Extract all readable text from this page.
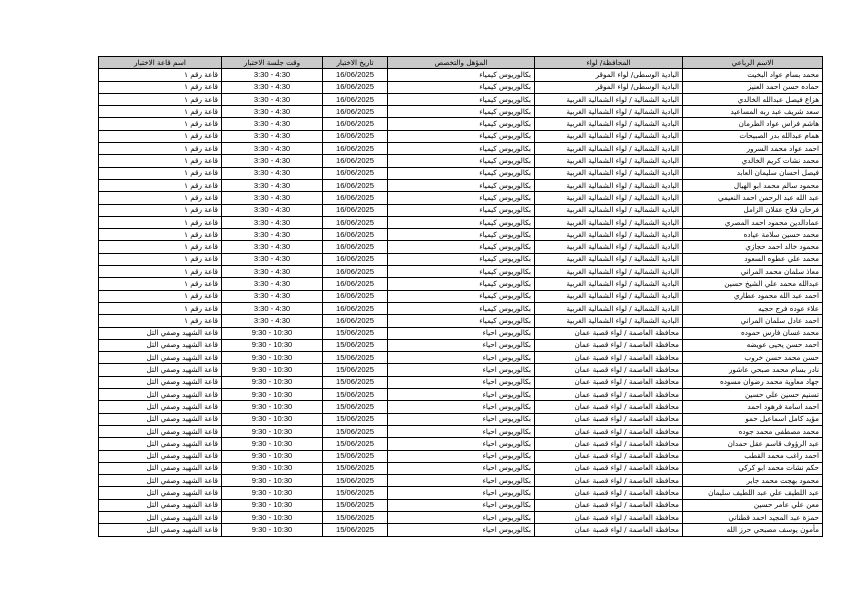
الاسم الرباعي	المحافظة/ لواء	المؤهل والتخصص	تاريخ الاختبار	وقت جلسة الاختبار	اسم قاعة الاختبار
محمد بسام عواد البخيت	البادية الوسطى/ لواء الموقر	بكالوريوس كيمياء	16/06/2025	3:30 - 4:30	قاعة رقم ١
حماده حسن احمد العنيز	البادية الوسطى/ لواء الموقر	بكالوريوس كيمياء	16/06/2025	3:30 - 4:30	قاعة رقم ١
هزاع فيصل عبدالله الخالدي	البادية الشمالية / لواء الشمالية الغربية	بكالوريوس كيمياء	16/06/2025	3:30 - 4:30	قاعة رقم ١
سعد شريف عبد ربه المساعيد	البادية الشمالية / لواء الشمالية الغربية	بكالوريوس كيمياء	16/06/2025	3:30 - 4:30	قاعة رقم ١
هاشم فراس عواد الطرمان	البادية الشمالية / لواء الشمالية الغربية	بكالوريوس كيمياء	16/06/2025	3:30 - 4:30	قاعة رقم ١
همام عبدالله بدر الصبيحات	البادية الشمالية / لواء الشمالية الغربية	بكالوريوس كيمياء	16/06/2025	3:30 - 4:30	قاعة رقم ١
احمد عواد محمد السرور	البادية الشمالية / لواء الشمالية الغربية	بكالوريوس كيمياء	16/06/2025	3:30 - 4:30	قاعة رقم ١
محمد نشات كريم الخالدي	البادية الشمالية / لواء الشمالية الغربية	بكالوريوس كيمياء	16/06/2025	3:30 - 4:30	قاعة رقم ١
فيصل احسان سليمان العابد	البادية الشمالية / لواء الشمالية الغربية	بكالوريوس كيمياء	16/06/2025	3:30 - 4:30	قاعة رقم ١
محمود سالم محمد ابو الهيال	البادية الشمالية / لواء الشمالية الغربية	بكالوريوس كيمياء	16/06/2025	3:30 - 4:30	قاعة رقم ١
عبد الله عبد الرحمن احمد النعيمي	البادية الشمالية / لواء الشمالية الغربية	بكالوريوس كيمياء	16/06/2025	3:30 - 4:30	قاعة رقم ١
فرحان فلاح عقلان الزامل	البادية الشمالية / لواء الشمالية الغربية	بكالوريوس كيمياء	16/06/2025	3:30 - 4:30	قاعة رقم ١
عمادالدين محمود احمد المصري	البادية الشمالية / لواء الشمالية الغربية	بكالوريوس كيمياء	16/06/2025	3:30 - 4:30	قاعة رقم ١
محمد حسين سلامة عياده	البادية الشمالية / لواء الشمالية الغربية	بكالوريوس كيمياء	16/06/2025	3:30 - 4:30	قاعة رقم ١
محمود خالد احمد حجازي	البادية الشمالية / لواء الشمالية الغربية	بكالوريوس كيمياء	16/06/2025	3:30 - 4:30	قاعة رقم ١
محمد علي عطوه السعود	البادية الشمالية / لواء الشمالية الغربية	بكالوريوس كيمياء	16/06/2025	3:30 - 4:30	قاعة رقم ١
معاذ سلمان محمد المراني	البادية الشمالية / لواء الشمالية الغربية	بكالوريوس كيمياء	16/06/2025	3:30 - 4:30	قاعة رقم ١
عبدالله محمد علي الشيخ حسين	البادية الشمالية / لواء الشمالية الغربية	بكالوريوس كيمياء	16/06/2025	3:30 - 4:30	قاعة رقم ١
احمد عبد الله محمود عطاري	البادية الشمالية / لواء الشمالية الغربية	بكالوريوس كيمياء	16/06/2025	3:30 - 4:30	قاعة رقم ١
علاء عوده فرج حجيه	البادية الشمالية / لواء الشمالية الغربية	بكالوريوس كيمياء	16/06/2025	3:30 - 4:30	قاعة رقم ١
احمد عادل سلمان المراني	البادية الشمالية / لواء الشمالية الغربية	بكالوريوس كيمياء	16/06/2025	3:30 - 4:30	قاعة رقم ١
محمد غسان فارس حموده	محافظة العاصمة / لواء قصبة عمان	بكالوريوس احياء	15/06/2025	9:30 - 10:30	قاعة الشهيد وصفي التل
احمد حسن يحيى عويضه	محافظة العاصمة / لواء قصبة عمان	بكالوريوس احياء	15/06/2025	9:30 - 10:30	قاعة الشهيد وصفي التل
حسن محمد حسن خروب	محافظة العاصمة / لواء قصبة عمان	بكالوريوس احياء	15/06/2025	9:30 - 10:30	قاعة الشهيد وصفي التل
نادر بسام محمد صبحي عاشور	محافظة العاصمة / لواء قصبة عمان	بكالوريوس احياء	15/06/2025	9:30 - 10:30	قاعة الشهيد وصفي التل
جهاد معاوية محمد رضوان مسوده	محافظة العاصمة / لواء قصبة عمان	بكالوريوس احياء	15/06/2025	9:30 - 10:30	قاعة الشهيد وصفي التل
تسنيم حسين علي حسين	محافظة العاصمة / لواء قصبة عمان	بكالوريوس احياء	15/06/2025	9:30 - 10:30	قاعة الشهيد وصفي التل
احمد اسامة فرهود احمد	محافظة العاصمة / لواء قصبة عمان	بكالوريوس احياء	15/06/2025	9:30 - 10:30	قاعة الشهيد وصفي التل
مؤيد كامل اسماعيل حمو	محافظة العاصمة / لواء قصبة عمان	بكالوريوس احياء	15/06/2025	9:30 - 10:30	قاعة الشهيد وصفي التل
محمد مصطفى محمد جوده	محافظة العاصمة / لواء قصبة عمان	بكالوريوس احياء	15/06/2025	9:30 - 10:30	قاعة الشهيد وصفي التل
عبد الرؤوف قاسم عقل حمدان	محافظة العاصمة / لواء قصبة عمان	بكالوريوس احياء	15/06/2025	9:30 - 10:30	قاعة الشهيد وصفي التل
احمد راغب محمد القطب	محافظة العاصمة / لواء قصبة عمان	بكالوريوس احياء	15/06/2025	9:30 - 10:30	قاعة الشهيد وصفي التل
حكم نشات محمد ابو كركي	محافظة العاصمة / لواء قصبة عمان	بكالوريوس احياء	15/06/2025	9:30 - 10:30	قاعة الشهيد وصفي التل
محمود بهجت محمد جابر	محافظة العاصمة / لواء قصبة عمان	بكالوريوس احياء	15/06/2025	9:30 - 10:30	قاعة الشهيد وصفي التل
عبد اللطيف علي عبد اللطيف سليمان	محافظة العاصمة / لواء قصبة عمان	بكالوريوس احياء	15/06/2025	9:30 - 10:30	قاعة الشهيد وصفي التل
معن علي عامر حسين	محافظة العاصمة / لواء قصبة عمان	بكالوريوس احياء	15/06/2025	9:30 - 10:30	قاعة الشهيد وصفي التل
حمزة عبد المجيد احمد قطناني	محافظة العاصمة / لواء قصبة عمان	بكالوريوس احياء	15/06/2025	9:30 - 10:30	قاعة الشهيد وصفي التل
مأمون يوسف مصبحي حرز الله	محافظة العاصمة / لواء قصبة عمان	بكالوريوس احياء	15/06/2025	9:30 - 10:30	قاعة الشهيد وصفي التل
